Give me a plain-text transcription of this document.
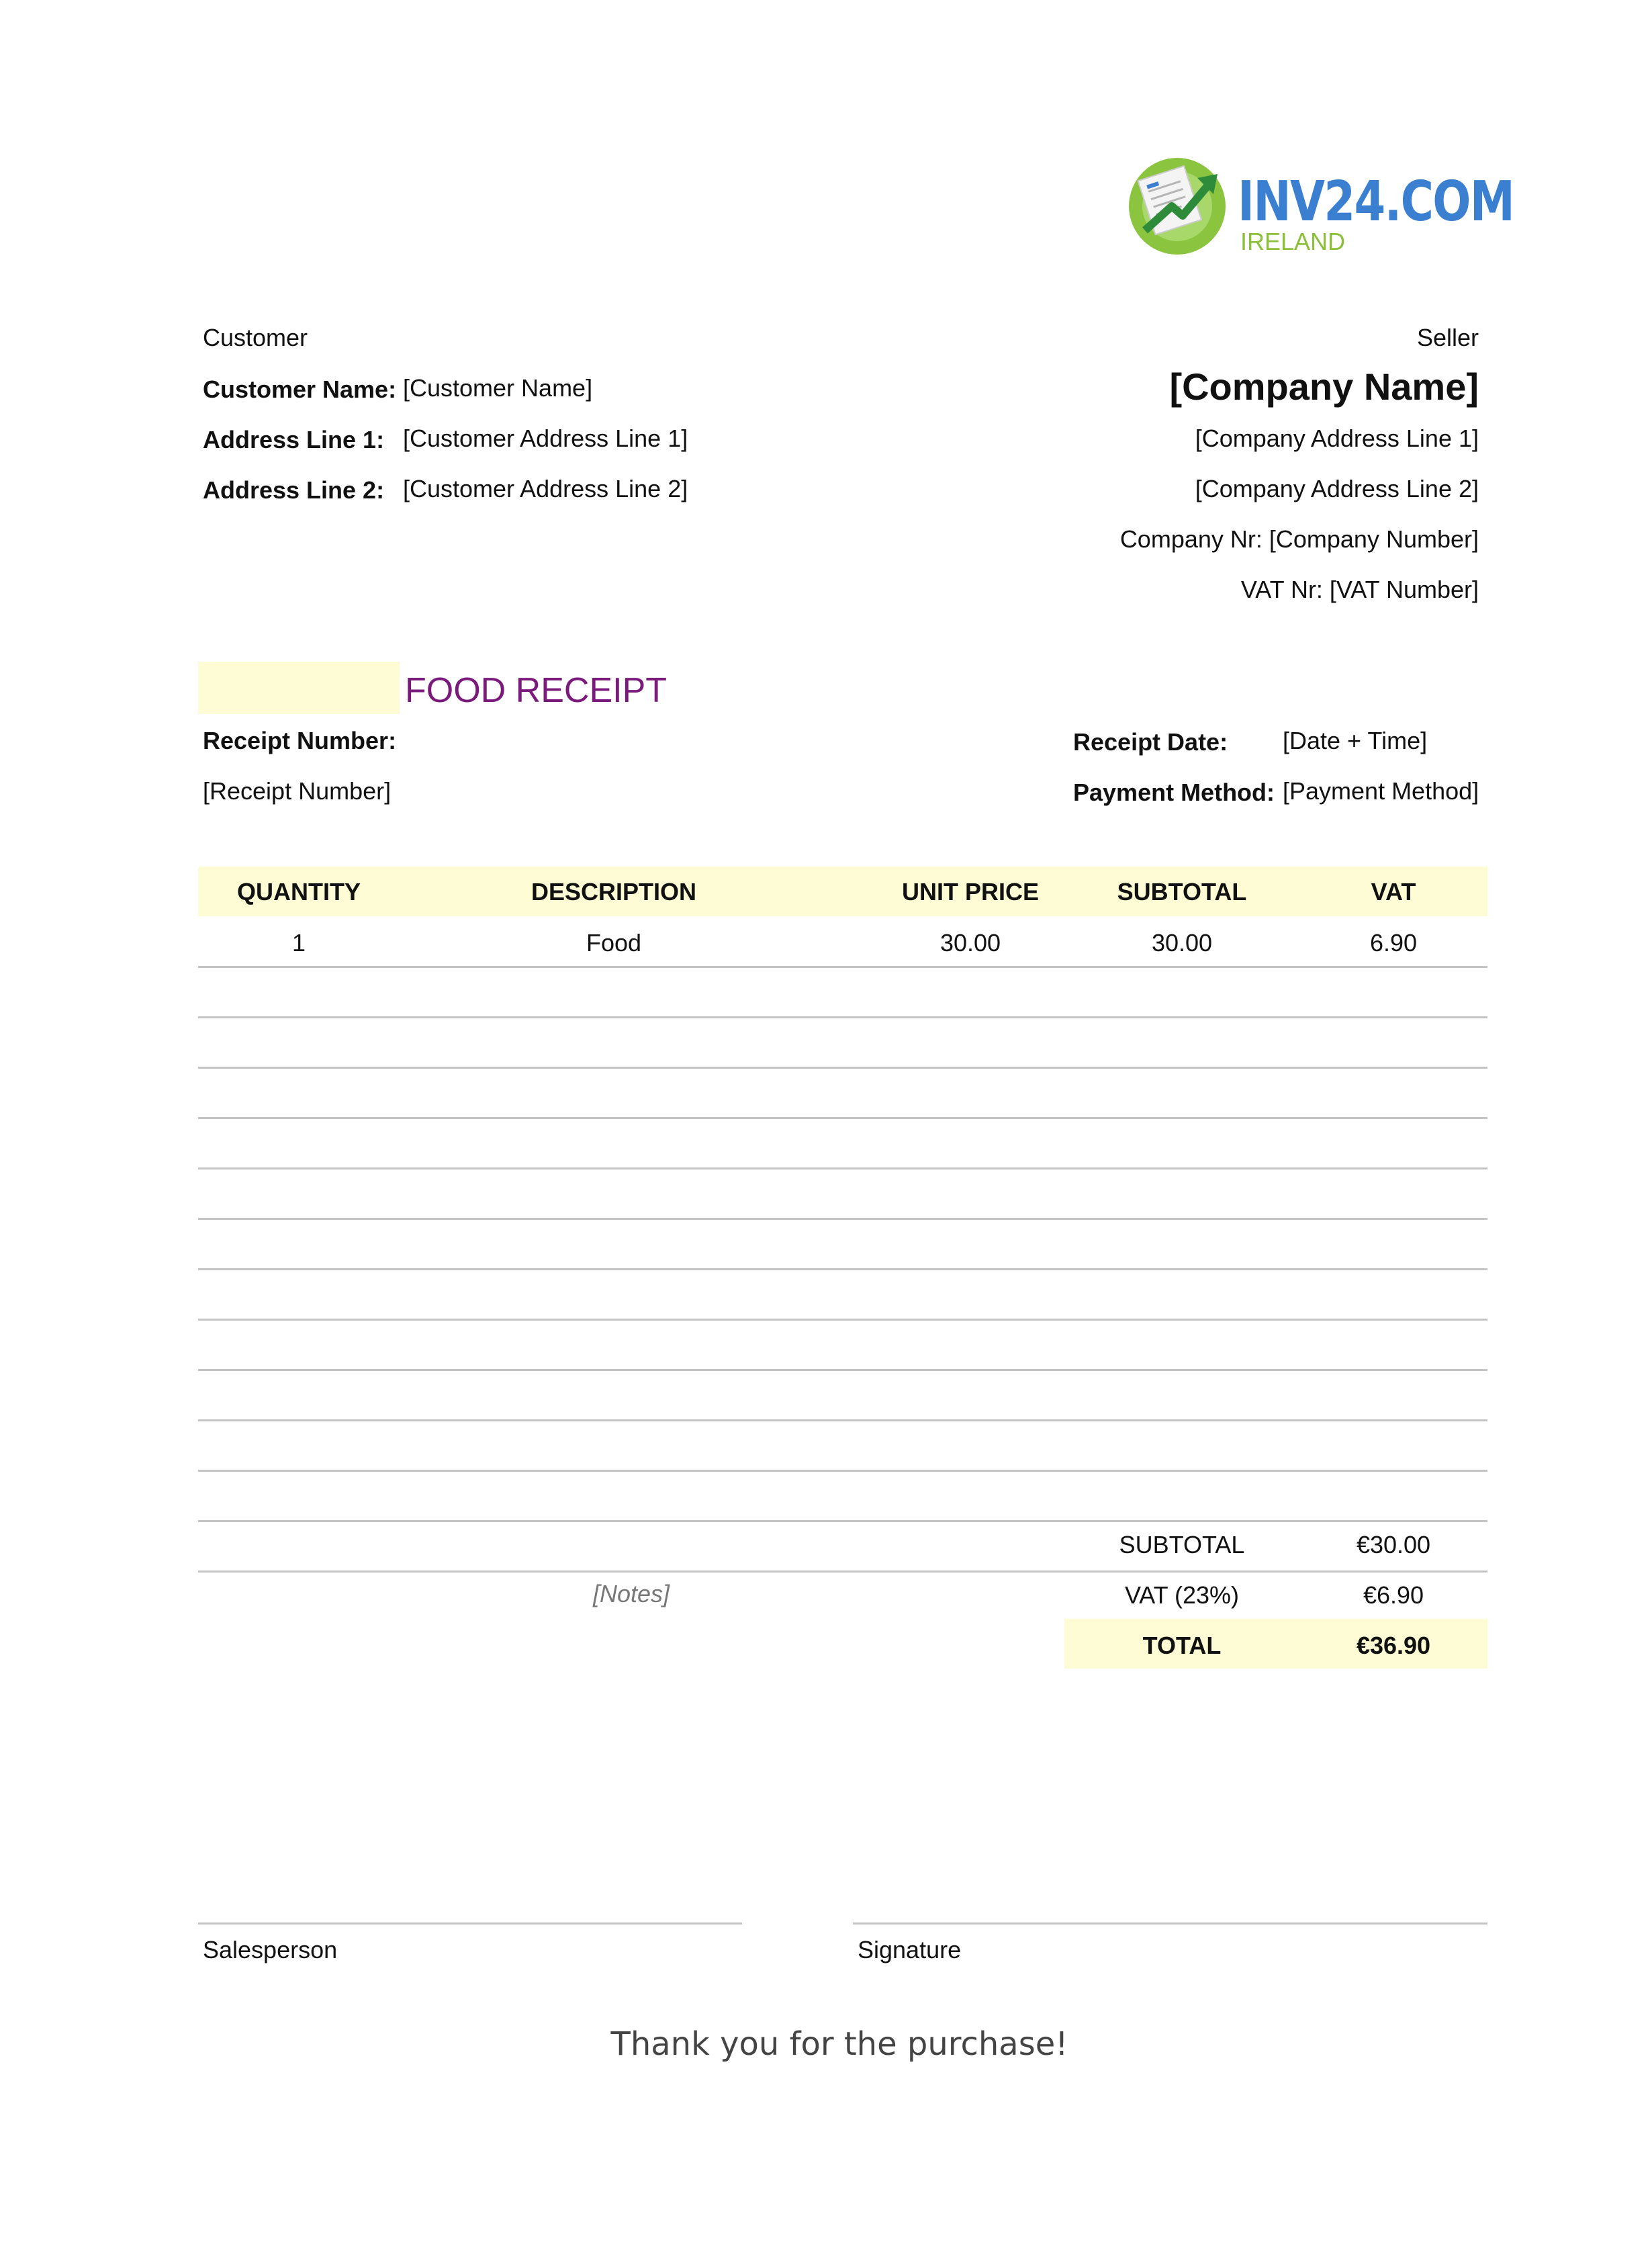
INV24.COM
IRELAND
Customer
Customer Name: [Customer Name]
Address Line 1: [Customer Address Line 1]
Address Line 2: [Customer Address Line 2]
Seller
[Company Name]
[Company Address Line 1]
[Company Address Line 2]
Company Nr: [Company Number]
VAT Nr: [VAT Number]
FOOD RECEIPT
Receipt Number:
[Receipt Number]
Receipt Date: [Date + Time]
Payment Method: [Payment Method]
QUANTITY	DESCRIPTION	UNIT PRICE	SUBTOTAL	VAT
1	Food	30.00	30.00	6.90
[Notes]
SUBTOTAL	€30.00
VAT (23%)	€6.90
TOTAL	€36.90
Salesperson	Signature
Thank you for the purchase!
